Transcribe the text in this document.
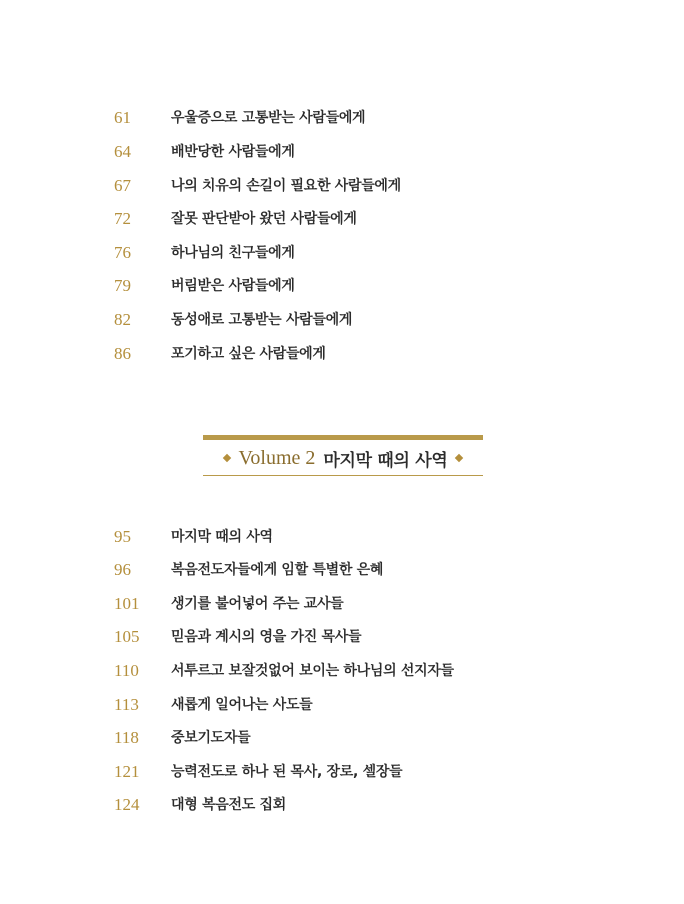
61	우울증으로 고통받는 사람들에게
64	배반당한 사람들에게
67	나의 치유의 손길이 필요한 사람들에게
72	잘못 판단받아 왔던 사람들에게
76	하나님의 친구들에게
79	버림받은 사람들에게
82	동성애로 고통받는 사람들에게
86	포기하고 싶은 사람들에게
Volume 2 마지막 때의 사역
95	마지막 때의 사역
96	복음전도자들에게 임할 특별한 은혜
101 생기를 불어넣어 주는 교사들
105 믿음과 계시의 영을 가진 목사들
110 서투르고 보잘것없어 보이는 하나님의 선지자들
113 새롭게 일어나는 사도들
118 중보기도자들
121 능력전도로 하나 된 목사, 장로, 셀장들
124 대형 복음전도 집회
